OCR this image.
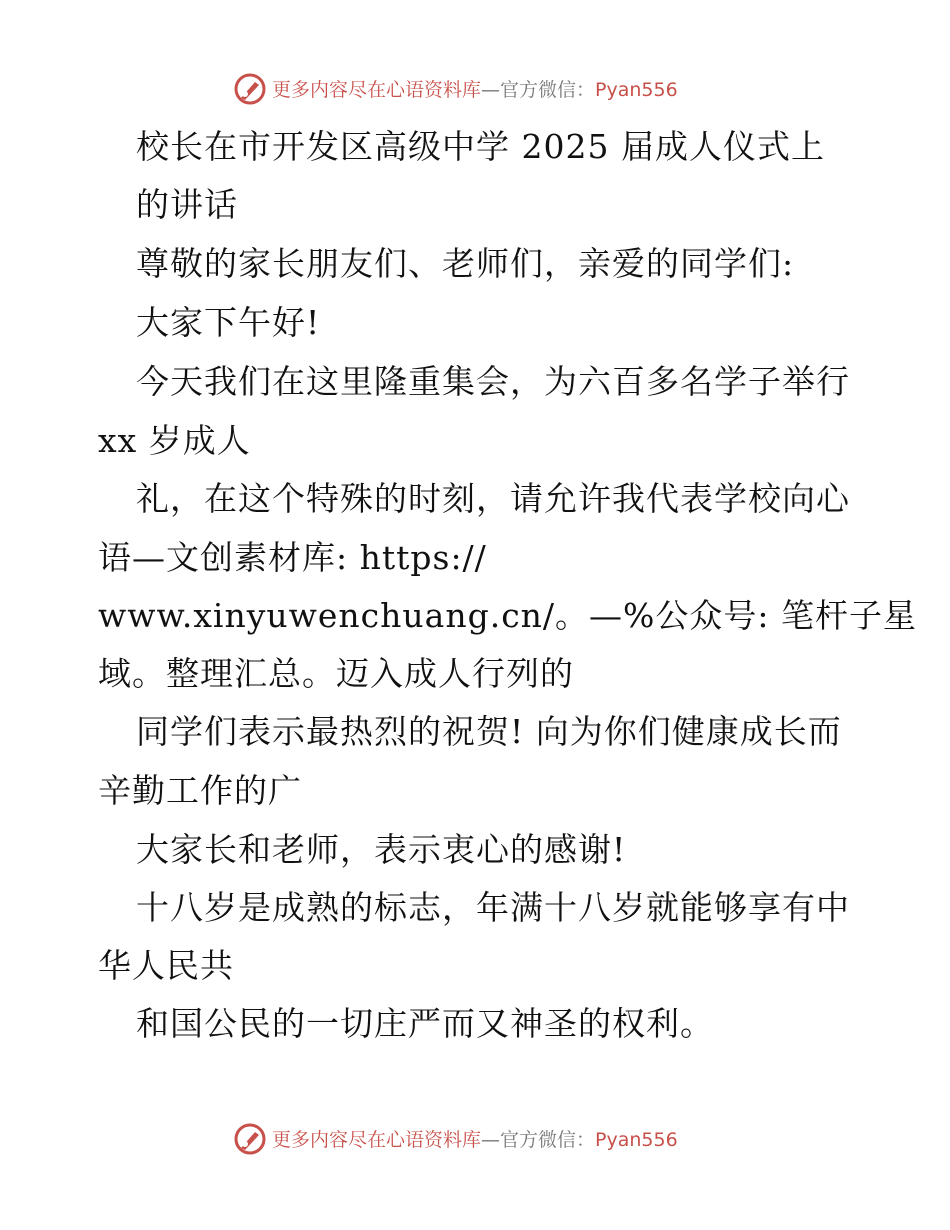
更多内容尽在心语资料库—官方微信：Pyan556
校长在市开发区高级中学 2025 届成人仪式上
的讲话
尊敬的家长朋友们、老师们，亲爱的同学们:
大家下午好!
今天我们在这里隆重集会，为六百多名学子举行
xx 岁成人
礼，在这个特殊的时刻，请允许我代表学校向心
语—文创素材库: https://
www.xinyuwenchuang.cn/。—%公众号: 笔杆子星
域。整理汇总。迈入成人行列的
同学们表示最热烈的祝贺! 向为你们健康成长而
辛勤工作的广
大家长和老师，表示衷心的感谢!
十八岁是成熟的标志，年满十八岁就能够享有中
华人民共
和国公民的一切庄严而又神圣的权利。
更多内容尽在心语资料库—官方微信：Pyan556
